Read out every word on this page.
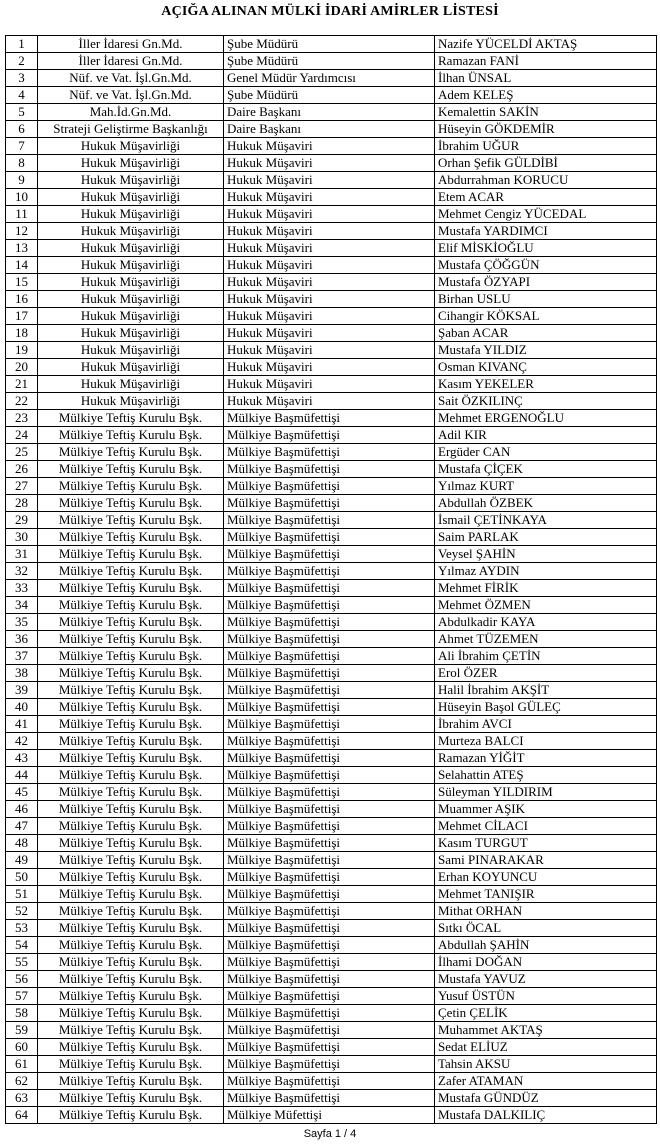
AÇIĞA ALINAN MÜLKİ İDARİ AMİRLER LİSTESİ
1	İller İdaresi Gn.Md.	Şube Müdürü	Nazife YÜCELDİ AKTAŞ
2	İller İdaresi Gn.Md.	Şube Müdürü	Ramazan FANİ
3	Nüf. ve Vat. İşl.Gn.Md.	Genel Müdür Yardımcısı	İlhan ÜNSAL
4	Nüf. ve Vat. İşl.Gn.Md.	Şube Müdürü	Adem KELEŞ
5	Mah.İd.Gn.Md.	Daire Başkanı	Kemalettin SAKİN
6	Strateji Geliştirme Başkanlığı	Daire Başkanı	Hüseyin GÖKDEMİR
7	Hukuk Müşavirliği	Hukuk Müşaviri	İbrahim UĞUR
8	Hukuk Müşavirliği	Hukuk Müşaviri	Orhan Şefik GÜLDİBİ
9	Hukuk Müşavirliği	Hukuk Müşaviri	Abdurrahman KORUCU
10	Hukuk Müşavirliği	Hukuk Müşaviri	Etem ACAR
11	Hukuk Müşavirliği	Hukuk Müşaviri	Mehmet Cengiz YÜCEDAL
12	Hukuk Müşavirliği	Hukuk Müşaviri	Mustafa YARDIMCI
13	Hukuk Müşavirliği	Hukuk Müşaviri	Elif MİSKİOĞLU
14	Hukuk Müşavirliği	Hukuk Müşaviri	Mustafa ÇÖĞGÜN
15	Hukuk Müşavirliği	Hukuk Müşaviri	Mustafa ÖZYAPI
16	Hukuk Müşavirliği	Hukuk Müşaviri	Birhan USLU
17	Hukuk Müşavirliği	Hukuk Müşaviri	Cihangir KÖKSAL
18	Hukuk Müşavirliği	Hukuk Müşaviri	Şaban ACAR
19	Hukuk Müşavirliği	Hukuk Müşaviri	Mustafa YILDIZ
20	Hukuk Müşavirliği	Hukuk Müşaviri	Osman KIVANÇ
21	Hukuk Müşavirliği	Hukuk Müşaviri	Kasım YEKELER
22	Hukuk Müşavirliği	Hukuk Müşaviri	Sait ÖZKILINÇ
23	Mülkiye Teftiş Kurulu Bşk.	Mülkiye Başmüfettişi	Mehmet ERGENOĞLU
24	Mülkiye Teftiş Kurulu Bşk.	Mülkiye Başmüfettişi	Adil KIR
25	Mülkiye Teftiş Kurulu Bşk.	Mülkiye Başmüfettişi	Ergüder CAN
26	Mülkiye Teftiş Kurulu Bşk.	Mülkiye Başmüfettişi	Mustafa ÇİÇEK
27	Mülkiye Teftiş Kurulu Bşk.	Mülkiye Başmüfettişi	Yılmaz KURT
28	Mülkiye Teftiş Kurulu Bşk.	Mülkiye Başmüfettişi	Abdullah ÖZBEK
29	Mülkiye Teftiş Kurulu Bşk.	Mülkiye Başmüfettişi	İsmail ÇETİNKAYA
30	Mülkiye Teftiş Kurulu Bşk.	Mülkiye Başmüfettişi	Saim PARLAK
31	Mülkiye Teftiş Kurulu Bşk.	Mülkiye Başmüfettişi	Veysel ŞAHİN
32	Mülkiye Teftiş Kurulu Bşk.	Mülkiye Başmüfettişi	Yılmaz AYDIN
33	Mülkiye Teftiş Kurulu Bşk.	Mülkiye Başmüfettişi	Mehmet FİRİK
34	Mülkiye Teftiş Kurulu Bşk.	Mülkiye Başmüfettişi	Mehmet ÖZMEN
35	Mülkiye Teftiş Kurulu Bşk.	Mülkiye Başmüfettişi	Abdulkadir KAYA
36	Mülkiye Teftiş Kurulu Bşk.	Mülkiye Başmüfettişi	Ahmet TÜZEMEN
37	Mülkiye Teftiş Kurulu Bşk.	Mülkiye Başmüfettişi	Ali İbrahim ÇETİN
38	Mülkiye Teftiş Kurulu Bşk.	Mülkiye Başmüfettişi	Erol ÖZER
39	Mülkiye Teftiş Kurulu Bşk.	Mülkiye Başmüfettişi	Halil İbrahim AKŞİT
40	Mülkiye Teftiş Kurulu Bşk.	Mülkiye Başmüfettişi	Hüseyin Başol GÜLEÇ
41	Mülkiye Teftiş Kurulu Bşk.	Mülkiye Başmüfettişi	İbrahim AVCI
42	Mülkiye Teftiş Kurulu Bşk.	Mülkiye Başmüfettişi	Murteza BALCI
43	Mülkiye Teftiş Kurulu Bşk.	Mülkiye Başmüfettişi	Ramazan YİĞİT
44	Mülkiye Teftiş Kurulu Bşk.	Mülkiye Başmüfettişi	Selahattin ATEŞ
45	Mülkiye Teftiş Kurulu Bşk.	Mülkiye Başmüfettişi	Süleyman YILDIRIM
46	Mülkiye Teftiş Kurulu Bşk.	Mülkiye Başmüfettişi	Muammer AŞIK
47	Mülkiye Teftiş Kurulu Bşk.	Mülkiye Başmüfettişi	Mehmet CİLACI
48	Mülkiye Teftiş Kurulu Bşk.	Mülkiye Başmüfettişi	Kasım TURGUT
49	Mülkiye Teftiş Kurulu Bşk.	Mülkiye Başmüfettişi	Sami PINARAKAR
50	Mülkiye Teftiş Kurulu Bşk.	Mülkiye Başmüfettişi	Erhan KOYUNCU
51	Mülkiye Teftiş Kurulu Bşk.	Mülkiye Başmüfettişi	Mehmet TANIŞIR
52	Mülkiye Teftiş Kurulu Bşk.	Mülkiye Başmüfettişi	Mithat ORHAN
53	Mülkiye Teftiş Kurulu Bşk.	Mülkiye Başmüfettişi	Sıtkı ÖCAL
54	Mülkiye Teftiş Kurulu Bşk.	Mülkiye Başmüfettişi	Abdullah ŞAHİN
55	Mülkiye Teftiş Kurulu Bşk.	Mülkiye Başmüfettişi	İlhami DOĞAN
56	Mülkiye Teftiş Kurulu Bşk.	Mülkiye Başmüfettişi	Mustafa YAVUZ
57	Mülkiye Teftiş Kurulu Bşk.	Mülkiye Başmüfettişi	Yusuf ÜSTÜN
58	Mülkiye Teftiş Kurulu Bşk.	Mülkiye Başmüfettişi	Çetin ÇELİK
59	Mülkiye Teftiş Kurulu Bşk.	Mülkiye Başmüfettişi	Muhammet AKTAŞ
60	Mülkiye Teftiş Kurulu Bşk.	Mülkiye Başmüfettişi	Sedat ELİUZ
61	Mülkiye Teftiş Kurulu Bşk.	Mülkiye Başmüfettişi	Tahsin AKSU
62	Mülkiye Teftiş Kurulu Bşk.	Mülkiye Başmüfettişi	Zafer ATAMAN
63	Mülkiye Teftiş Kurulu Bşk.	Mülkiye Başmüfettişi	Mustafa GÜNDÜZ
64	Mülkiye Teftiş Kurulu Bşk.	Mülkiye Müfettişi	Mustafa DALKILIÇ
Sayfa 1 / 4
